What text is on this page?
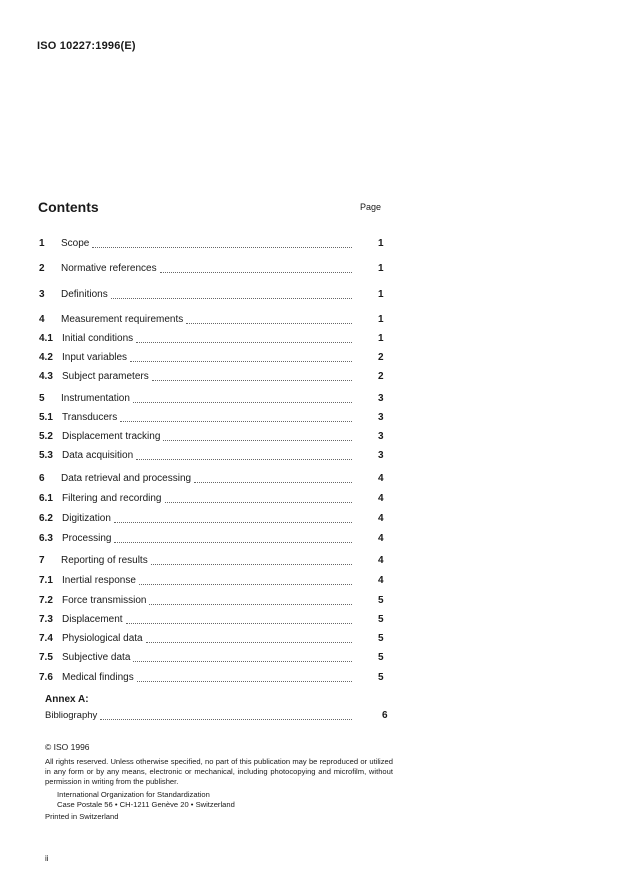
ISO 10227:1996(E)
Contents	Page
1 Scope	1
2 Normative references	1
3 Definitions	1
4 Measurement requirements	1
4.1 Initial conditions	1
4.2 Input variables	2
4.3 Subject parameters	2
5 Instrumentation	3
5.1 Transducers	3
5.2 Displacement tracking	3
5.3 Data acquisition	3
6 Data retrieval and processing	4
6.1 Filtering and recording	4
6.2 Digitization	4
6.3 Processing	4
7 Reporting of results	4
7.1 Inertial response	4
7.2 Force transmission	5
7.3 Displacement	5
7.4 Physiological data	5
7.5 Subjective data	5
7.6 Medical findings	5
Annex A:
Bibliography	6
© ISO 1996
All rights reserved. Unless otherwise specified, no part of this publication may be reproduced or utilized in any form or by any means, electronic or mechanical, including photocopying and microfilm, without permission in writing from the publisher.
International Organization for Standardization
Case Postale 56 • CH-1211 Genève 20 • Switzerland
Printed in Switzerland
ii
